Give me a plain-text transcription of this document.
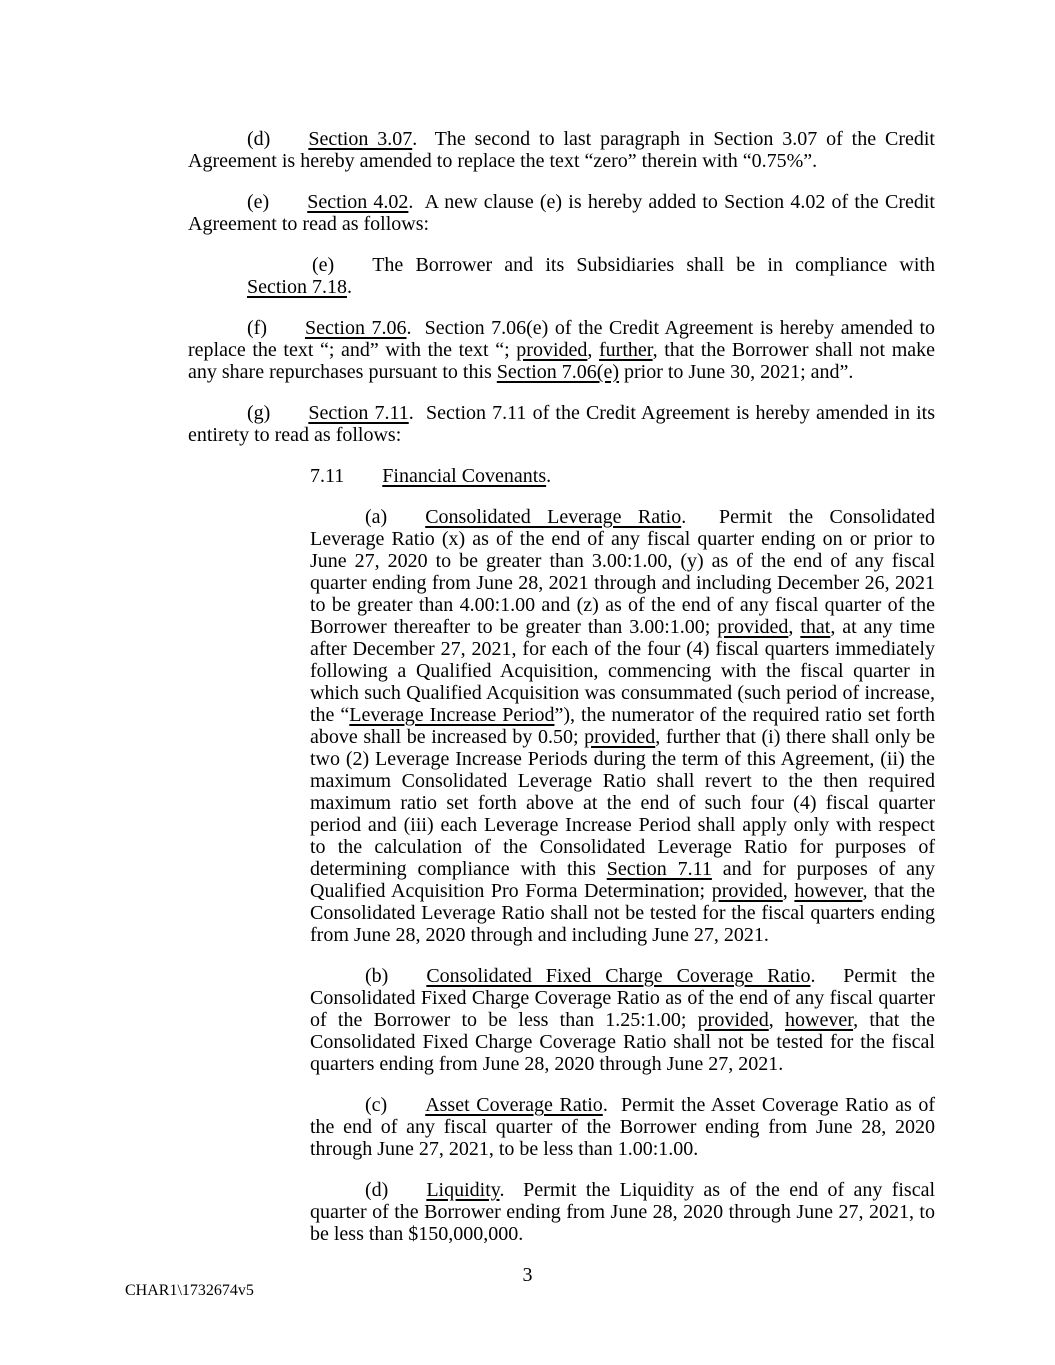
(d) Section 3.07.  The second to last paragraph in Section 3.07 of the Credit Agreement is hereby amended to replace the text “zero” therein with “0.75%”.
(e) Section 4.02.  A new clause (e) is hereby added to Section 4.02 of the Credit Agreement to read as follows:
(e) The Borrower and its Subsidiaries shall be in compliance with Section 7.18.
(f) Section 7.06.  Section 7.06(e) of the Credit Agreement is hereby amended to replace the text “; and” with the text “; provided, further, that the Borrower shall not make any share repurchases pursuant to this Section 7.06(e) prior to June 30, 2021; and”.
(g) Section 7.11.  Section 7.11 of the Credit Agreement is hereby amended in its entirety to read as follows:
7.11 Financial Covenants.
(a) Consolidated Leverage Ratio.  Permit the Consolidated Leverage Ratio (x) as of the end of any fiscal quarter ending on or prior to June 27, 2020 to be greater than 3.00:1.00, (y) as of the end of any fiscal quarter ending from June 28, 2021 through and including December 26, 2021 to be greater than 4.00:1.00 and (z) as of the end of any fiscal quarter of the Borrower thereafter to be greater than 3.00:1.00; provided, that, at any time after December 27, 2021, for each of the four (4) fiscal quarters immediately following a Qualified Acquisition, commencing with the fiscal quarter in which such Qualified Acquisition was consummated (such period of increase, the “Leverage Increase Period”), the numerator of the required ratio set forth above shall be increased by 0.50; provided, further that (i) there shall only be two (2) Leverage Increase Periods during the term of this Agreement, (ii) the maximum Consolidated Leverage Ratio shall revert to the then required maximum ratio set forth above at the end of such four (4) fiscal quarter period and (iii) each Leverage Increase Period shall apply only with respect to the calculation of the Consolidated Leverage Ratio for purposes of determining compliance with this Section 7.11 and for purposes of any Qualified Acquisition Pro Forma Determination; provided, however, that the Consolidated Leverage Ratio shall not be tested for the fiscal quarters ending from June 28, 2020 through and including June 27, 2021.
(b) Consolidated Fixed Charge Coverage Ratio.  Permit the Consolidated Fixed Charge Coverage Ratio as of the end of any fiscal quarter of the Borrower to be less than 1.25:1.00; provided, however, that the Consolidated Fixed Charge Coverage Ratio shall not be tested for the fiscal quarters ending from June 28, 2020 through June 27, 2021.
(c) Asset Coverage Ratio.  Permit the Asset Coverage Ratio as of the end of any fiscal quarter of the Borrower ending from June 28, 2020 through June 27, 2021, to be less than 1.00:1.00.
(d) Liquidity.  Permit the Liquidity as of the end of any fiscal quarter of the Borrower ending from June 28, 2020 through June 27, 2021, to be less than $150,000,000.
3
CHAR1\1732674v5
